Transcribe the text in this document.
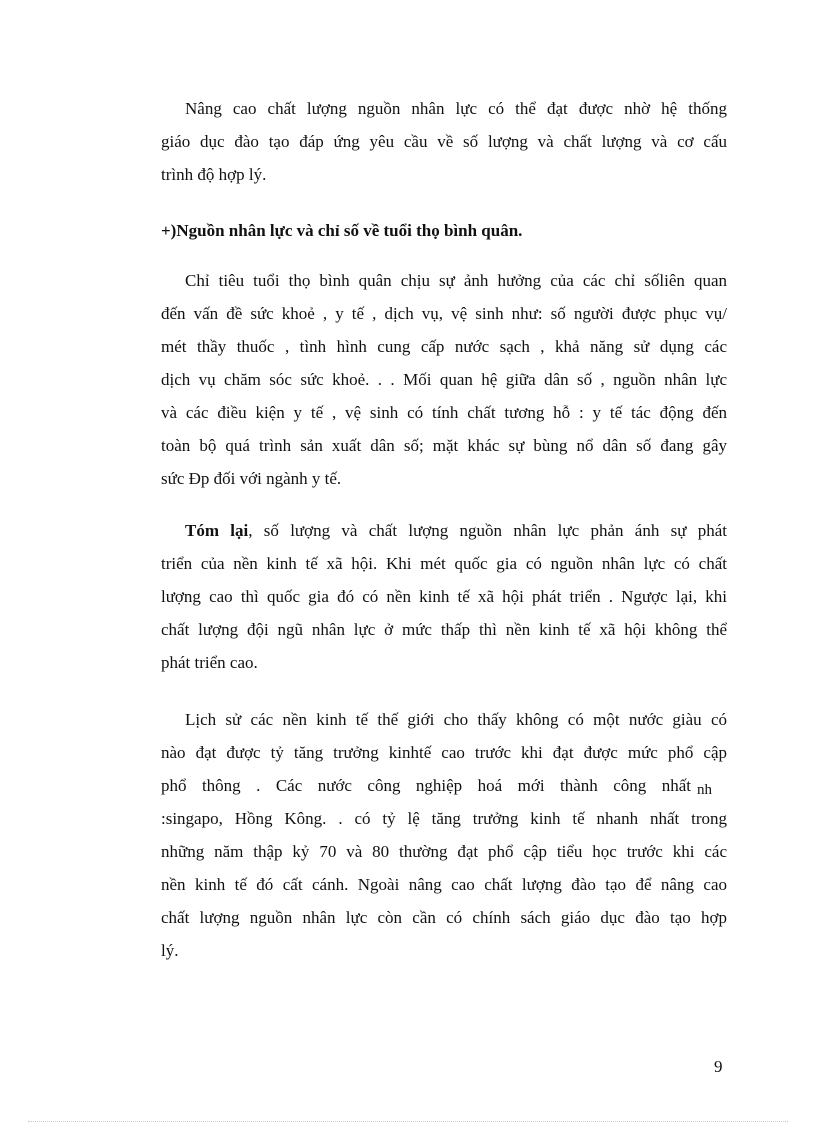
Nâng cao chất lượng nguồn nhân lực có thể đạt được nhờ hệ thống
giáo dục đào tạo đáp ứng yêu cầu về số lượng và chất lượng và cơ cấu
trình độ hợp lý.
+)Nguồn nhân lực và chỉ số về tuổi thọ bình quân.
Chỉ tiêu tuổi thọ bình quân chịu sự ảnh hưởng của các chỉ sốliên quan
đến vấn đề sức khoẻ , y tế , dịch vụ, vệ sinh như: số người được phục vụ/
mét thầy thuốc , tình hình cung cấp nước sạch , khả năng sử dụng các
dịch vụ chăm sóc sức khoẻ. . . Mối quan hệ giữa dân số , nguồn nhân lực
và các điều kiện y tế , vệ sinh có tính chất tương hỗ : y tế tác động đến
toàn bộ quá trình sản xuất dân số; mặt khác sự bùng nổ dân số đang gây
sức Đp đối với ngành y tế.
Tóm lại, số lượng và chất lượng nguồn nhân lực phản ánh sự phát
triển của nền kinh tế xã hội. Khi mét quốc gia có nguồn nhân lực có chất
lượng cao thì quốc gia đó có nền kinh tế xã hội phát triển . Ngược lại, khi
chất lượng đội ngũ nhân lực ở mức thấp thì nền kinh tế xã hội không thể
phát triển cao.
Lịch sử các nền kinh tế thế giới cho thấy không có một nước giàu có
nào đạt được tỷ tăng trưởng kinhtế cao trước khi đạt được mức phổ cập
phổ thông . Các nước công nghiệp hoá mới thành công nhất nh
:singapo, Hồng Kông. . có tỷ lệ tăng trưởng kinh tế nhanh nhất trong
những năm thập kỷ 70 và 80 thường đạt phổ cập tiểu học trước khi các
nền kinh tế đó cất cánh. Ngoài nâng cao chất lượng đào tạo để nâng cao
chất lượng nguồn nhân lực còn cần có chính sách giáo dục đào tạo hợp
lý.
9
